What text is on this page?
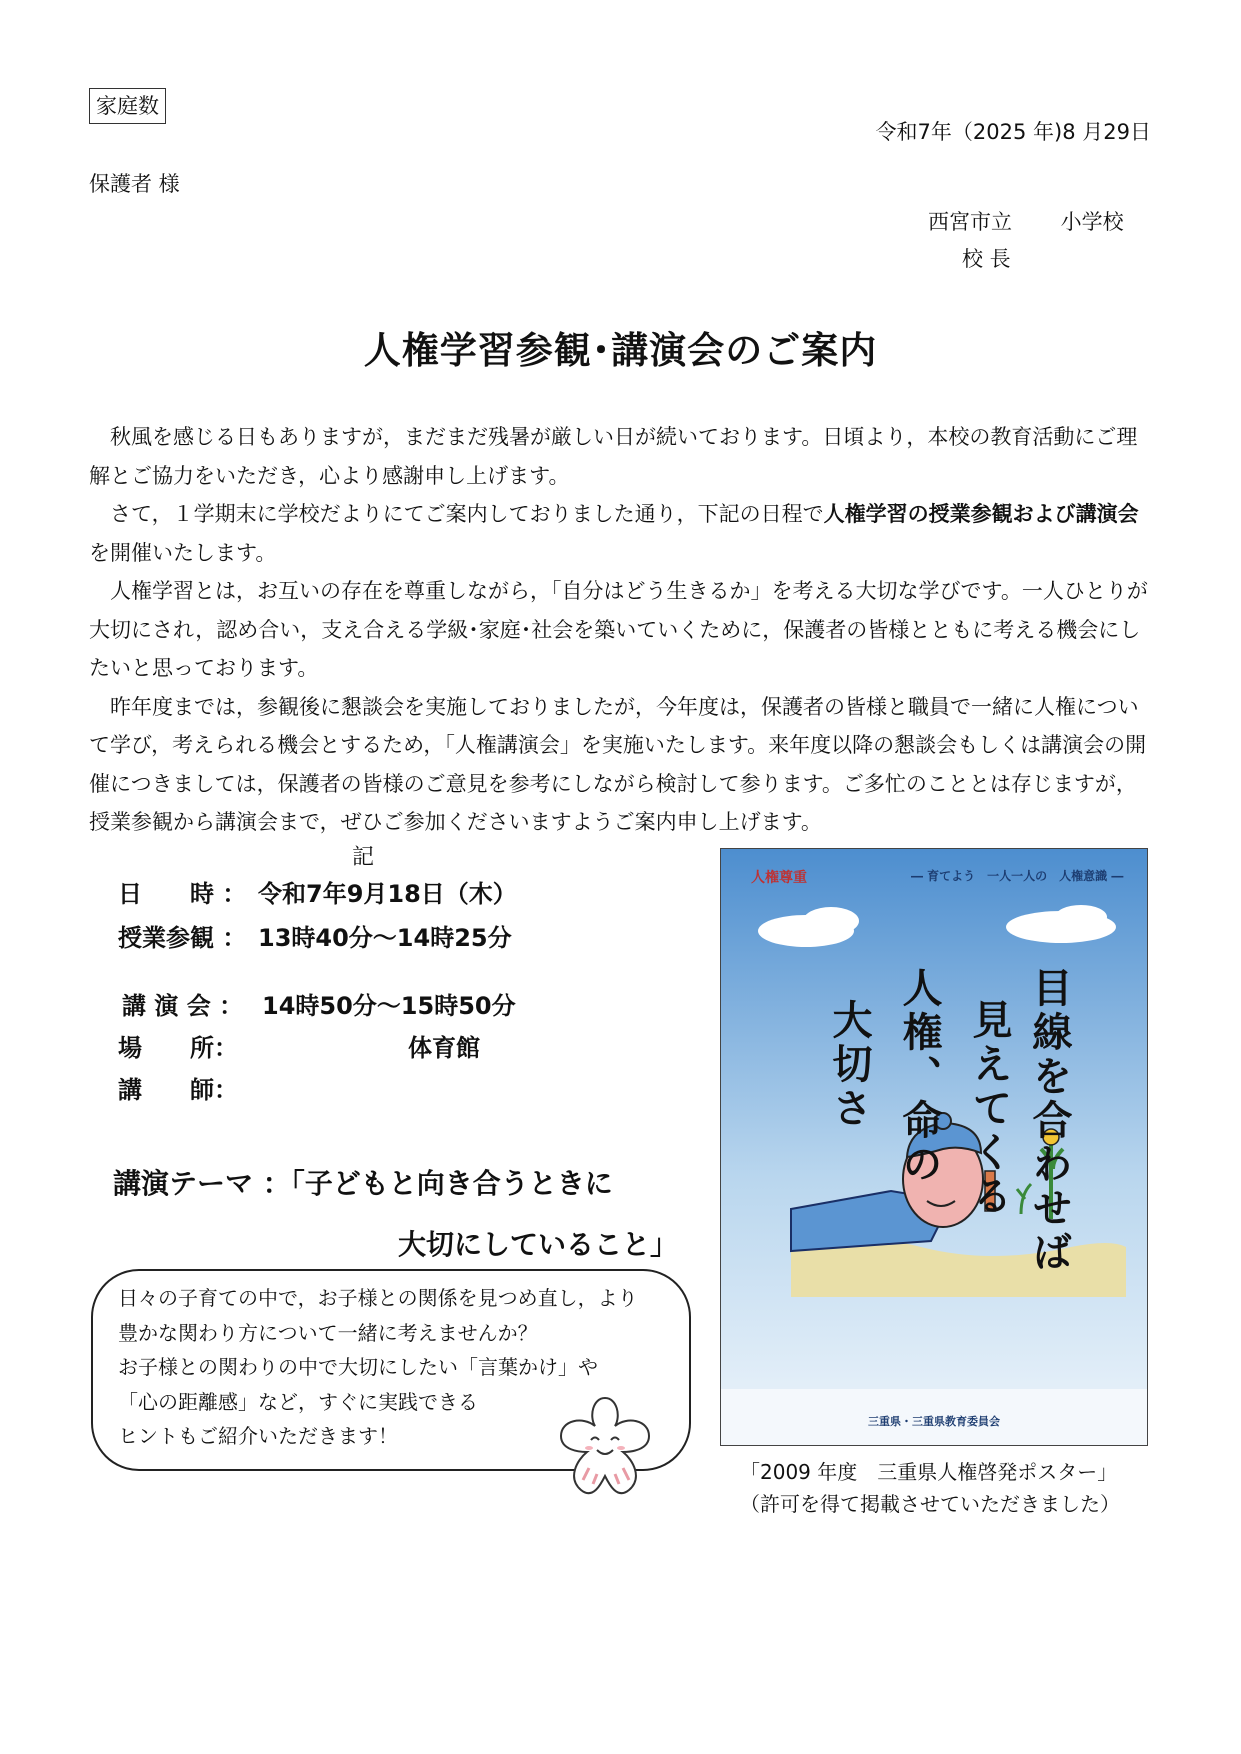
家庭数
令和7年（2025 年)8 月29日
保護者 様
西宮市立 　　小学校
校 長
人権学習参観･講演会のご案内

秋風を感じる日もありますが，まだまだ残暑が厳しい日が続いております。日頃より，本校の教育活動にご理解とご協力をいただき，心より感謝申し上げます。

さて，１学期末に学校だよりにてご案内しておりました通り，下記の日程で人権学習の授業参観および講演会を開催いたします。

人権学習とは，お互いの存在を尊重しながら，「自分はどう生きるか」を考える大切な学びです。一人ひとりが大切にされ，認め合い，支え合える学級･家庭･社会を築いていくために，保護者の皆様とともに考える機会にしたいと思っております。

昨年度までは，参観後に懇談会を実施しておりましたが，今年度は，保護者の皆様と職員で一緒に人権について学び，考えられる機会とするため，「人権講演会」を実施いたします。来年度以降の懇談会もしくは講演会の開催につきましては，保護者の皆様のご意見を参考にしながら検討して参ります。ご多忙のこととは存じますが，授業参観から講演会まで，ぜひご参加くださいますようご案内申し上げます。

記
日　　時 ： 令和7年9月18日（木）
授業参観 ： 13時40分～14時25分
講 演 会 ： 14時50分～15時50分
場　　所：	体育館
講　　師：
講演テーマ ：「子どもと向き合うときに
大切にしていること」
日々の子育ての中で，お子様との関係を見つめ直し，より
豊かな関わり方について一緒に考えませんか？
お子様との関わりの中で大切にしたい「言葉かけ」や
「心の距離感」など，すぐに実践できる
ヒントもご紹介いただきます！
人権尊重	― 育てよう　一人一人の　人権意識 ―
目線を合わせば
見えてくる
人権、命の
大切さ
三重県・三重県教育委員会
「2009 年度　三重県人権啓発ポスター」
（許可を得て掲載させていただきました）
